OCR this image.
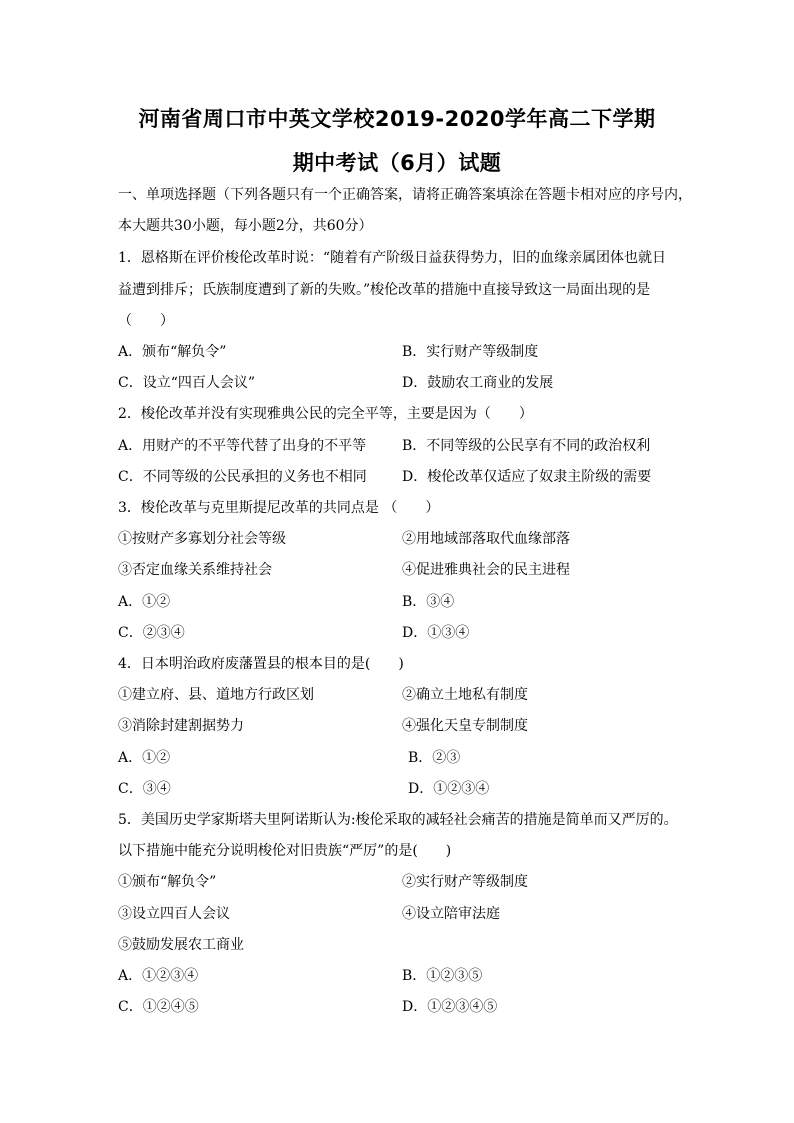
河南省周口市中英文学校2019-2020学年高二下学期
期中考试（6月）试题
一、单项选择题（下列各题只有一个正确答案，请将正确答案填涂在答题卡相对应的序号内，
本大题共30小题，每小题2分，共60分）
1．恩格斯在评价梭伦改革时说：“随着有产阶级日益获得势力，旧的血缘亲属团体也就日
益遭到排斥；氏族制度遭到了新的失败。”梭伦改革的措施中直接导致这一局面出现的是
（　　）
A．颁布“解负令”	B．实行财产等级制度
C．设立“四百人会议”	D．鼓励农工商业的发展
2．梭伦改革并没有实现雅典公民的完全平等，主要是因为（　　）
A．用财产的不平等代替了出身的不平等	B．不同等级的公民享有不同的政治权利
C．不同等级的公民承担的义务也不相同	D．梭伦改革仅适应了奴隶主阶级的需要
3．梭伦改革与克里斯提尼改革的共同点是 （　　）
①按财产多寡划分社会等级	②用地域部落取代血缘部落
③否定血缘关系维持社会	④促进雅典社会的民主进程
A．①②	B．③④
C．②③④	D．①③④
4．日本明治政府废藩置县的根本目的是(　　)
①建立府、县、道地方行政区划	②确立土地私有制度
③消除封建割据势力	④强化天皇专制制度
A．①②	B．②③
C．③④	D．①②③④
5．美国历史学家斯塔夫里阿诺斯认为:梭伦采取的减轻社会痛苦的措施是简单而又严厉的。
以下措施中能充分说明梭伦对旧贵族“严厉”的是(　　)
①颁布“解负令”	②实行财产等级制度
③设立四百人会议	④设立陪审法庭
⑤鼓励发展农工商业
A．①②③④	B．①②③⑤
C．①②④⑤	D．①②③④⑤
